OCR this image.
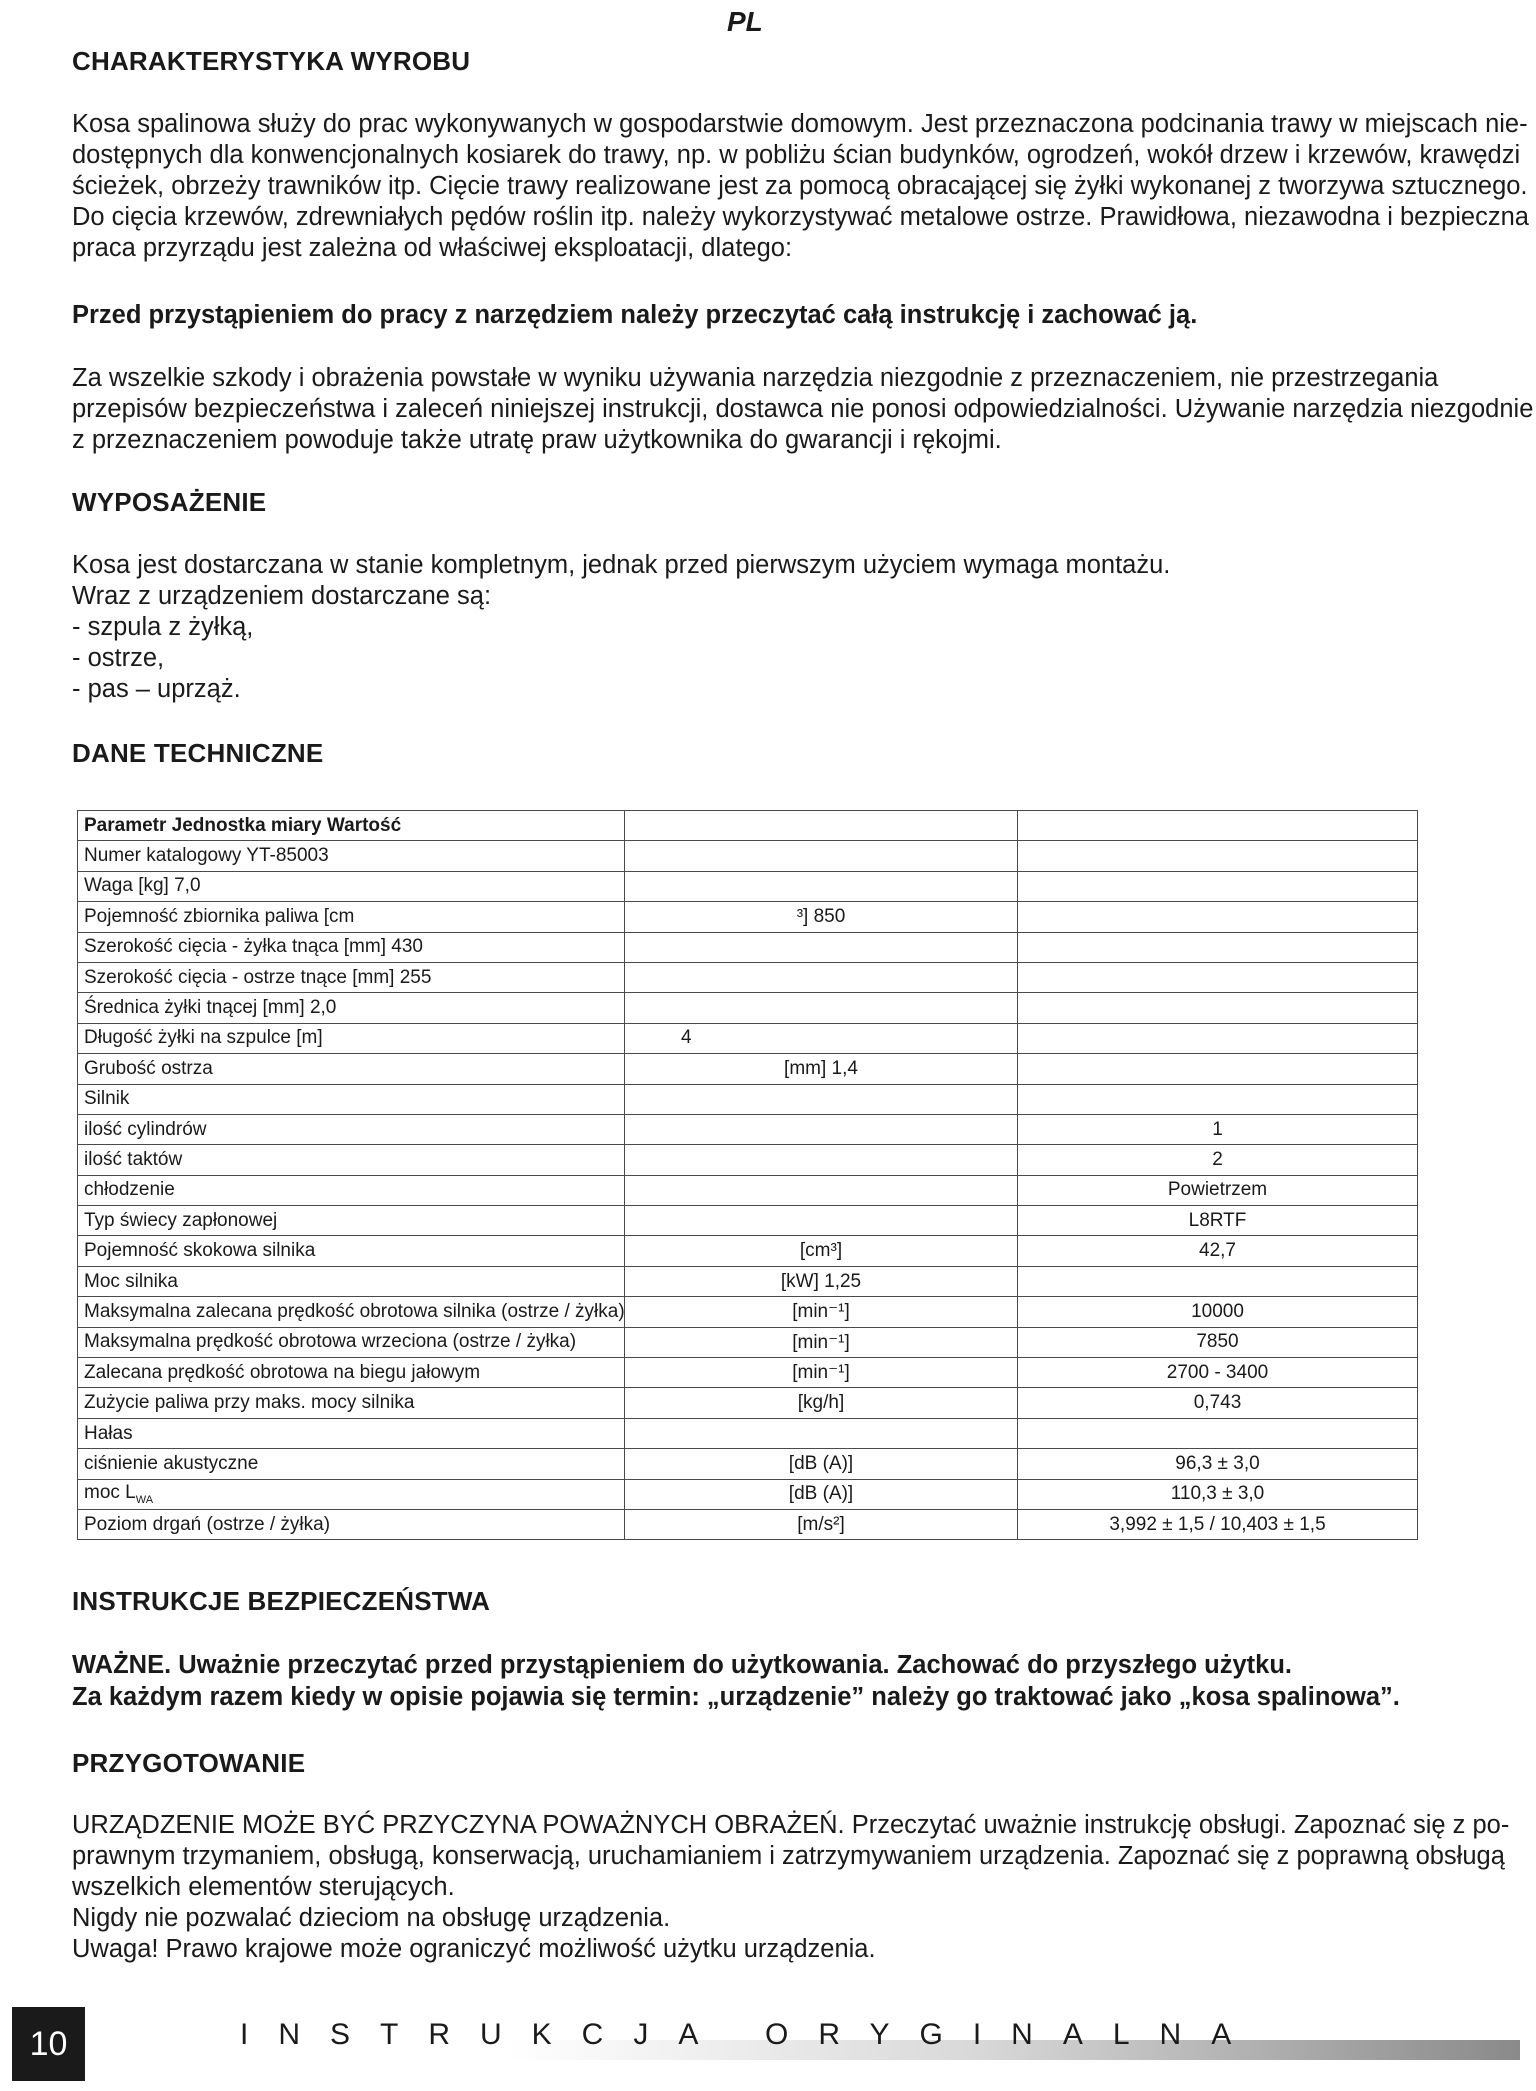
PL
CHARAKTERYSTYKA WYROBU
Kosa spalinowa służy do prac wykonywanych w gospodarstwie domowym. Jest przeznaczona podcinania trawy w miejscach nie-
dostępnych dla konwencjonalnych kosiarek do trawy, np. w pobliżu ścian budynków, ogrodzeń, wokół drzew i krzewów, krawędzi
ścieżek, obrzeży trawników itp. Cięcie trawy realizowane jest za pomocą obracającej się żyłki wykonanej z tworzywa sztucznego.
Do cięcia krzewów, zdrewniałych pędów roślin itp. należy wykorzystywać metalowe ostrze. Prawidłowa, niezawodna i bezpieczna
praca przyrządu jest zależna od właściwej eksploatacji, dlatego:
Przed przystąpieniem do pracy z narzędziem należy przeczytać całą instrukcję i zachować ją.
Za wszelkie szkody i obrażenia powstałe w wyniku używania narzędzia niezgodnie z przeznaczeniem, nie przestrzegania
przepisów bezpieczeństwa i zaleceń niniejszej instrukcji, dostawca nie ponosi odpowiedzialności. Używanie narzędzia niezgodnie
z przeznaczeniem powoduje także utratę praw użytkownika do gwarancji i rękojmi.
WYPOSAŻENIE
Kosa jest dostarczana w stanie kompletnym, jednak przed pierwszym użyciem wymaga montażu.
Wraz z urządzeniem dostarczane są:
- szpula z żyłką,
- ostrze,
- pas – uprząż.
DANE TECHNICZNE
Parametr Jednostka miary Wartość		
Numer katalogowy YT-85003		
Waga [kg] 7,0		
Pojemność zbiornika paliwa [cm	³] 850	
Szerokość cięcia - żyłka tnąca [mm] 430		
Szerokość cięcia - ostrze tnące [mm] 255		
Średnica żyłki tnącej [mm] 2,0		
Długość żyłki na szpulce [m]	4	
Grubość ostrza	[mm] 1,4	
Silnik		
ilość cylindrów		1
ilość taktów		2
chłodzenie		Powietrzem
Typ świecy zapłonowej		L8RTF
Pojemność skokowa silnika	[cm³]	42,7
Moc silnika	[kW] 1,25	
Maksymalna zalecana prędkość obrotowa silnika (ostrze / żyłka)	[min⁻¹]	10000
Maksymalna prędkość obrotowa wrzeciona (ostrze / żyłka)	[min⁻¹]	7850
Zalecana prędkość obrotowa na biegu jałowym	[min⁻¹]	2700 - 3400
Zużycie paliwa przy maks. mocy silnika	[kg/h]	0,743
Hałas		
ciśnienie akustyczne	[dB (A)]	96,3 ± 3,0
moc $L_{WA}$	[dB (A)]	110,3 ± 3,0
Poziom drgań (ostrze / żyłka)	[m/s²]	3,992 ± 1,5 / 10,403 ± 1,5
INSTRUKCJE BEZPIECZEŃSTWA
WAŻNE. Uważnie przeczytać przed przystąpieniem do użytkowania. Zachować do przyszłego użytku.
Za każdym razem kiedy w opisie pojawia się termin: „urządzenie” należy go traktować jako „kosa spalinowa”.
PRZYGOTOWANIE
URZĄDZENIE MOŻE BYĆ PRZYCZYNA POWAŻNYCH OBRAŻEŃ. Przeczytać uważnie instrukcję obsługi. Zapoznać się z po-
prawnym trzymaniem, obsługą, konserwacją, uruchamianiem i zatrzymywaniem urządzenia. Zapoznać się z poprawną obsługą
wszelkich elementów sterujących.
Nigdy nie pozwalać dzieciom na obsługę urządzenia.
Uwaga! Prawo krajowe może ograniczyć możliwość użytku urządzenia.
10	INSTRUKCJA ORYGINALNA
